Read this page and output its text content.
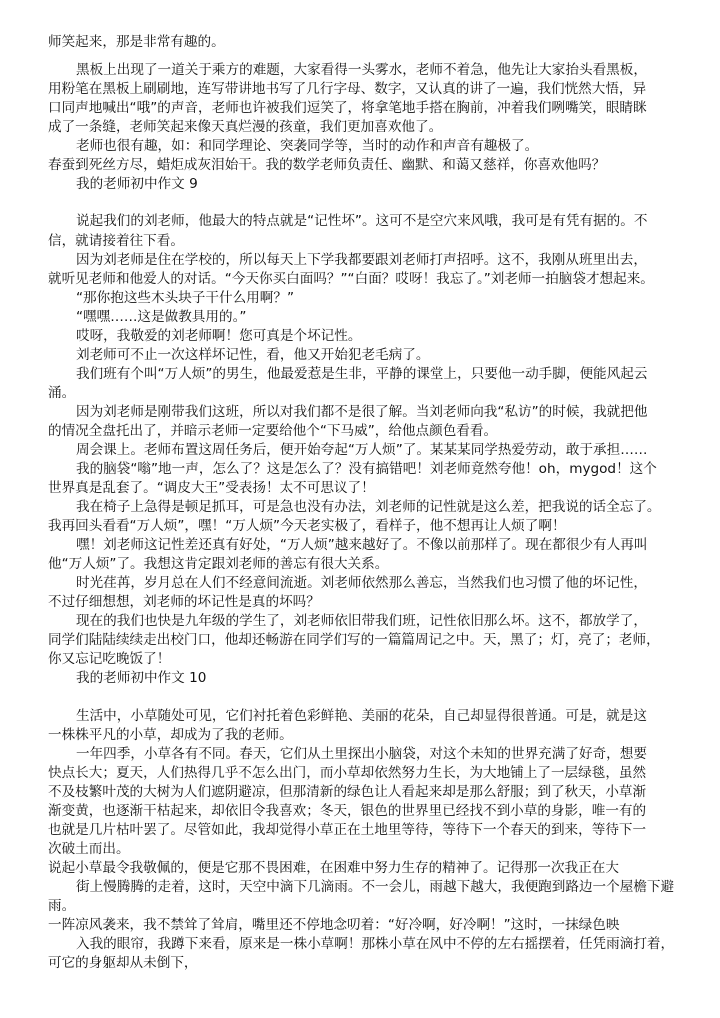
师笑起来，那是非常有趣的。

黑板上出现了一道关于乘方的难题，大家看得一头雾水，老师不着急，他先让大家抬头看黑板，

用粉笔在黑板上刷刷地，连写带讲地书写了几行字母、数字，又认真的讲了一遍，我们恍然大悟，异

口同声地喊出“哦”的声音，老师也许被我们逗笑了，将拿笔地手搭在胸前，冲着我们咧嘴笑，眼睛眯

成了一条缝，老师笑起来像天真烂漫的孩童，我们更加喜欢他了。

老师也很有趣，如：和同学理论、突袭同学等，当时的动作和声音有趣极了。

春蚕到死丝方尽，蜡炬成灰泪始干。我的数学老师负责任、幽默、和蔼又慈祥，你喜欢他吗？

我的老师初中作文 9

说起我们的刘老师，他最大的特点就是“记性坏”。这可不是空穴来风哦，我可是有凭有据的。不

信，就请接着往下看。

因为刘老师是住在学校的，所以每天上下学我都要跟刘老师打声招呼。这不，我刚从班里出去，

就听见老师和他爱人的对话。“今天你买白面吗？”“白面？哎呀！我忘了。”刘老师一拍脑袋才想起来。

“那你抱这些木头块子干什么用啊？”

“嘿嘿……这是做教具用的。”

哎呀，我敬爱的刘老师啊！您可真是个坏记性。

刘老师可不止一次这样坏记性，看，他又开始犯老毛病了。

我们班有个叫“万人烦”的男生，他最爱惹是生非，平静的课堂上，只要他一动手脚，便能风起云

涌。

因为刘老师是刚带我们这班，所以对我们都不是很了解。当刘老师向我“私访”的时候，我就把他

的情况全盘托出了，并暗示老师一定要给他个“下马威”，给他点颜色看看。

周会课上。老师布置这周任务后，便开始夸起“万人烦”了。某某某同学热爱劳动，敢于承担……

我的脑袋“嗡”地一声，怎么了？这是怎么了？没有搞错吧！刘老师竟然夸他！oh，mygod！这个

世界真是乱套了。“调皮大王”受表扬！太不可思议了！

我在椅子上急得是顿足抓耳，可是急也没有办法，刘老师的记性就是这么差，把我说的话全忘了。

我再回头看看“万人烦”，嘿！“万人烦”今天老实极了，看样子，他不想再让人烦了啊！

嘿！刘老师这记性差还真有好处，“万人烦”越来越好了。不像以前那样了。现在都很少有人再叫

他“万人烦”了。我想这肯定跟刘老师的善忘有很大关系。

时光荏苒，岁月总在人们不经意间流逝。刘老师依然那么善忘，当然我们也习惯了他的坏记性，

不过仔细想想，刘老师的坏记性是真的坏吗？

现在的我们也快是九年级的学生了，刘老师依旧带我们班，记性依旧那么坏。这不，都放学了，

同学们陆陆续续走出校门口，他却还畅游在同学们写的一篇篇周记之中。天，黑了；灯，亮了；老师，

你又忘记吃晚饭了！

我的老师初中作文 10

生活中，小草随处可见，它们衬托着色彩鲜艳、美丽的花朵，自己却显得很普通。可是，就是这

一株株平凡的小草，却成为了我的老师。

一年四季，小草各有不同。春天，它们从土里探出小脑袋，对这个未知的世界充满了好奇，想要

快点长大；夏天，人们热得几乎不怎么出门，而小草却依然努力生长，为大地铺上了一层绿毯，虽然

不及枝繁叶茂的大树为人们遮阴避凉，但那清新的绿色让人看起来却是那么舒服；到了秋天，小草渐

渐变黄，也逐渐干枯起来，却依旧令我喜欢；冬天，银色的世界里已经找不到小草的身影，唯一有的

也就是几片枯叶罢了。尽管如此，我却觉得小草正在土地里等待，等待下一个春天的到来，等待下一

次破土而出。

说起小草最令我敬佩的，便是它那不畏困难，在困难中努力生存的精神了。记得那一次我正在大

街上慢腾腾的走着，这时，天空中滴下几滴雨。不一会儿，雨越下越大，我便跑到路边一个屋檐下避

雨。

一阵凉风袭来，我不禁耸了耸肩，嘴里还不停地念叨着：“好冷啊，好冷啊！”这时，一抹绿色映

入我的眼帘，我蹲下来看，原来是一株小草啊！那株小草在风中不停的左右摇摆着，任凭雨滴打着，

可它的身躯却从未倒下，
